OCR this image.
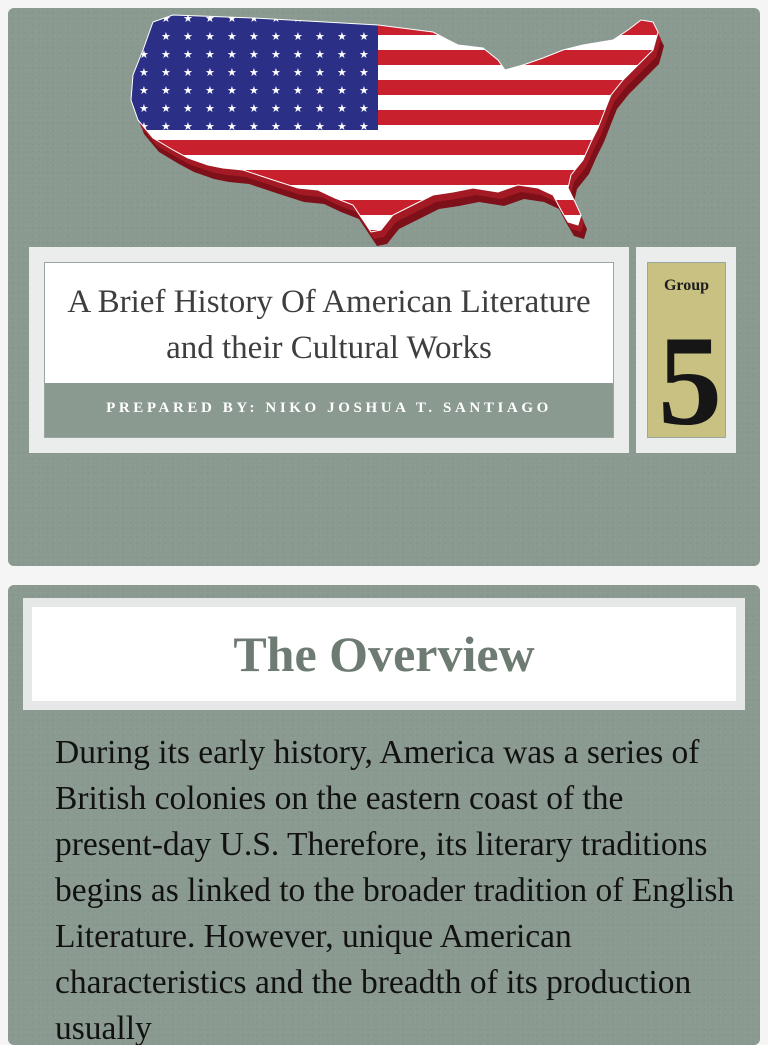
A Brief History Of American Literature and their Cultural Works
PREPARED BY: NIKO JOSHUA T. SANTIAGO
Group
5
The Overview

During its early history, America was a series of British colonies on the eastern coast of the present-day U.S. Therefore, its literary traditions begins as linked to the broader tradition of English Literature. However, unique American characteristics and the breadth of its production usually
